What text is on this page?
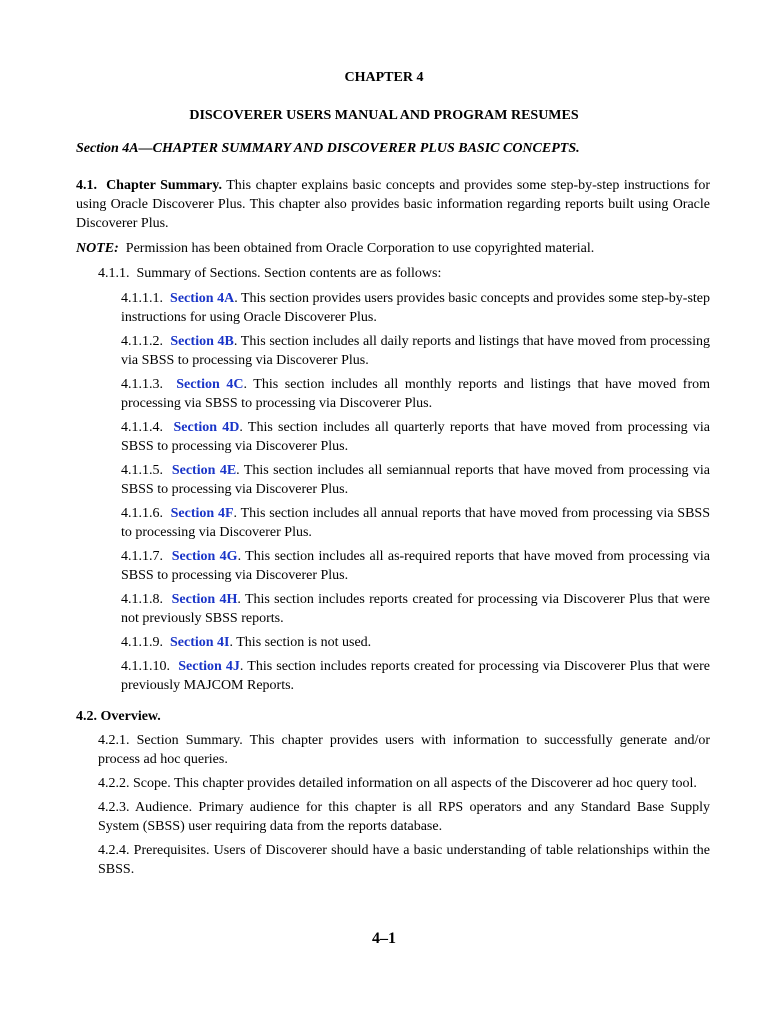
CHAPTER 4
DISCOVERER USERS MANUAL AND PROGRAM RESUMES
Section 4A—CHAPTER SUMMARY AND DISCOVERER PLUS BASIC CONCEPTS.

4.1. Chapter Summary. This chapter explains basic concepts and provides some step-by-step instructions for using Oracle Discoverer Plus. This chapter also provides basic information regarding reports built using Oracle Discoverer Plus.

NOTE: Permission has been obtained from Oracle Corporation to use copyrighted material.

4.1.1. Summary of Sections. Section contents are as follows:

4.1.1.1. Section 4A. This section provides users provides basic concepts and provides some step-by-step instructions for using Oracle Discoverer Plus.

4.1.1.2. Section 4B. This section includes all daily reports and listings that have moved from processing via SBSS to processing via Discoverer Plus.

4.1.1.3. Section 4C. This section includes all monthly reports and listings that have moved from processing via SBSS to processing via Discoverer Plus.

4.1.1.4. Section 4D. This section includes all quarterly reports that have moved from processing via SBSS to processing via Discoverer Plus.

4.1.1.5. Section 4E. This section includes all semiannual reports that have moved from processing via SBSS to processing via Discoverer Plus.

4.1.1.6. Section 4F. This section includes all annual reports that have moved from processing via SBSS to processing via Discoverer Plus.

4.1.1.7. Section 4G. This section includes all as-required reports that have moved from processing via SBSS to processing via Discoverer Plus.

4.1.1.8. Section 4H. This section includes reports created for processing via Discoverer Plus that were not previously SBSS reports.

4.1.1.9. Section 4I. This section is not used.

4.1.1.10. Section 4J. This section includes reports created for processing via Discoverer Plus that were previously MAJCOM Reports.

4.2. Overview.

4.2.1. Section Summary. This chapter provides users with information to successfully generate and/or process ad hoc queries.

4.2.2. Scope. This chapter provides detailed information on all aspects of the Discoverer ad hoc query tool.

4.2.3. Audience. Primary audience for this chapter is all RPS operators and any Standard Base Supply System (SBSS) user requiring data from the reports database.

4.2.4. Prerequisites. Users of Discoverer should have a basic understanding of table relationships within the SBSS.

4–1
